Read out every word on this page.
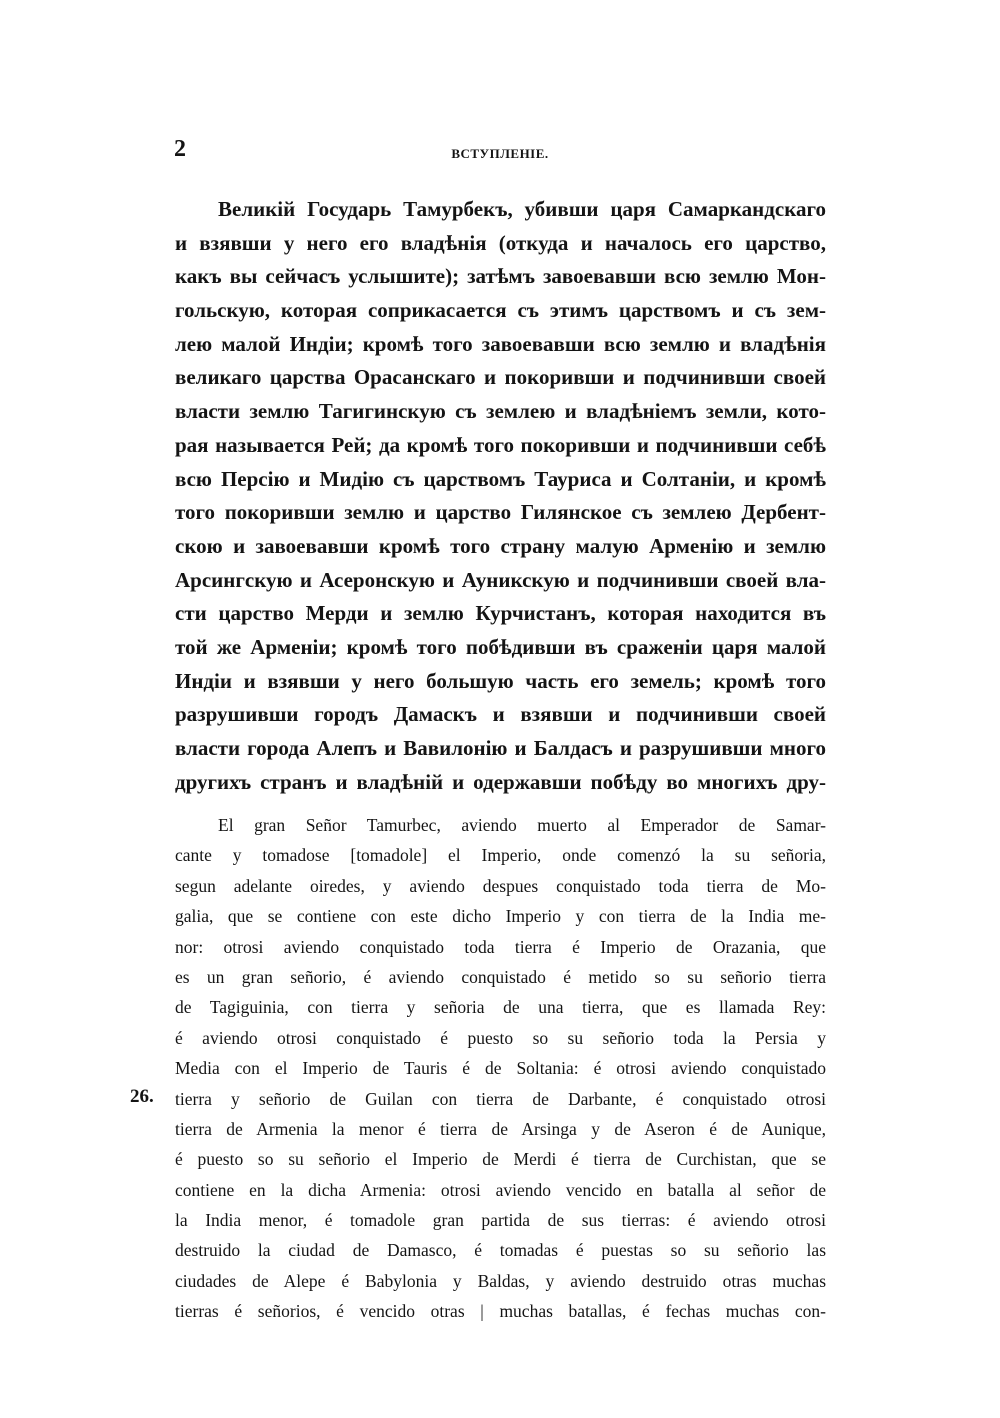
2	ВСТУПЛЕНІЕ.
Великій Государь Тамурбекъ, убивши царя Самаркандскаго
и взявши у него его владѣнія (откуда и началось его царство,
какъ вы сейчасъ услышите); затѣмъ завоевавши всю землю Мон-
гольскую, которая соприкасается съ этимъ царствомъ и съ зем-
лею малой Индіи; кромѣ того завоевавши всю землю и владѣнія
великаго царства Орасанскаго и покоривши и подчинивши своей
власти землю Тагигинскую съ землею и владѣніемъ земли, кото-
рая называется Рей; да кромѣ того покоривши и подчинивши себѣ
всю Персію и Мидію съ царствомъ Тауриса и Солтаніи, и кромѣ
того покоривши землю и царство Гилянское съ землею Дербент-
скою и завоевавши кромѣ того страну малую Арменію и землю
Арсингскую и Асеронскую и Ауникскую и подчинивши своей вла-
сти царство Мерди и землю Курчистанъ, которая находится въ
той же Арменіи; кромѣ того побѣдивши въ сраженіи царя малой
Индіи и взявши у него большую часть его земель; кромѣ того
разрушивши городъ Дамаскъ и взявши и подчинивши своей
власти города Алепъ и Вавилонію и Балдасъ и разрушивши много
другихъ странъ и владѣній и одержавши побѣду во многихъ дру-
26.
El gran Señor Tamurbec, aviendo muerto al Emperador de Samar-
cante y tomadose [tomadole] el Imperio, onde comenzó la su señoria,
segun adelante oiredes, y aviendo despues conquistado toda tierra de Mo-
galia, que se contiene con este dicho Imperio y con tierra de la India me-
nor: otrosi aviendo conquistado toda tierra é Imperio de Orazania, que
es un gran señorio, é aviendo conquistado é metido so su señorio tierra
de Tagiguinia, con tierra y señoria de una tierra, que es llamada Rey:
é aviendo otrosi conquistado é puesto so su señorio toda la Persia y
Media con el Imperio de Tauris é de Soltania: é otrosi aviendo conquistado
tierra y señorio de Guilan con tierra de Darbante, é conquistado otrosi
tierra de Armenia la menor é tierra de Arsinga y de Aseron é de Aunique,
é puesto so su señorio el Imperio de Merdi é tierra de Curchistan, que se
contiene en la dicha Armenia: otrosi aviendo vencido en batalla al señor de
la India menor, é tomadole gran partida de sus tierras: é aviendo otrosi
destruido la ciudad de Damasco, é tomadas é puestas so su señorio las
ciudades de Alepe é Babylonia y Baldas, y aviendo destruido otras muchas
tierras é señorios, é vencido otras | muchas batallas, é fechas muchas con-
